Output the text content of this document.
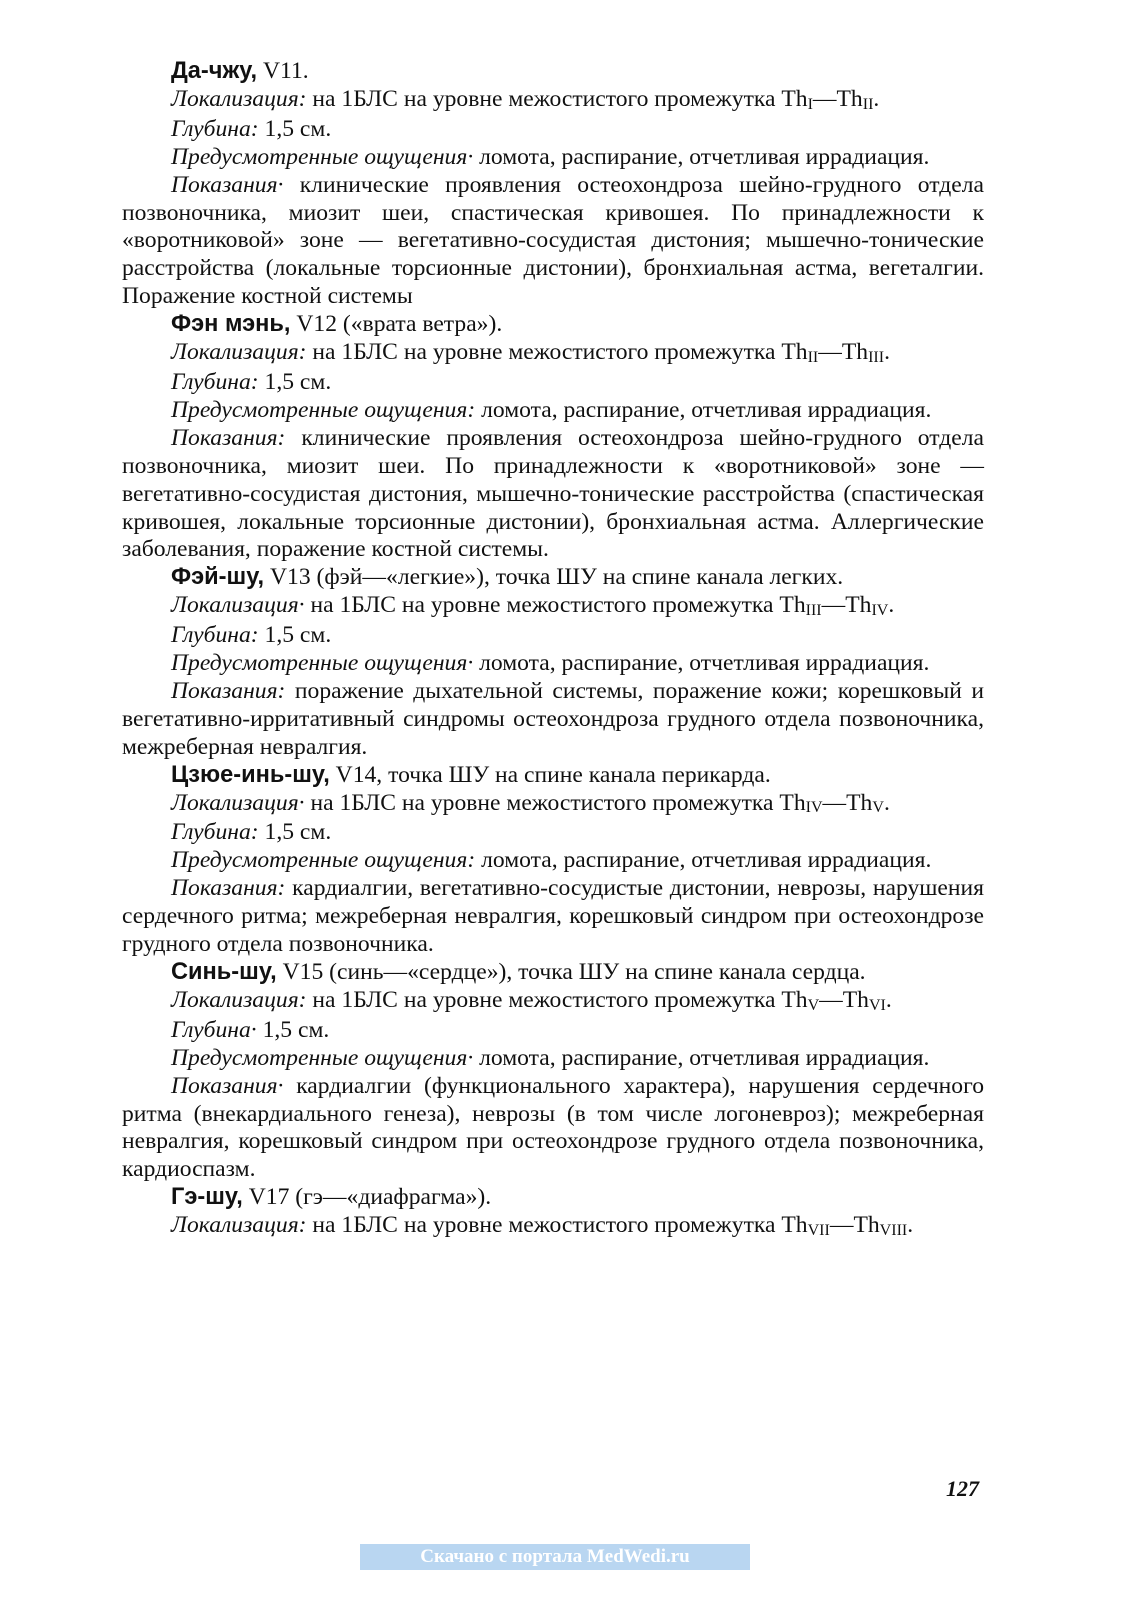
Да-чжу, V11.

Локализация: на 1БЛС на уровне межостистого промежутка $Th_I—Th_{II}$.

Глубина: 1,5 см.

Предусмотренные ощущения· ломота, распирание, отчетливая иррадиация.

Показания· клинические проявления остеохондроза шейно-грудного отдела позвоночника, миозит шеи, спастическая кривошея. По принадлежности к «воротниковой» зоне — вегетативно-сосудистая дистония; мышечно-тонические расстройства (локальные торсионные дистонии), бронхиальная астма, вегеталгии. Поражение костной системы

Фэн мэнь, V12 («врата ветра»).

Локализация: на 1БЛС на уровне межостистого промежутка $Th_{II}—Th_{III}$.

Глубина: 1,5 см.

Предусмотренные ощущения: ломота, распирание, отчетливая иррадиация.

Показания: клинические проявления остеохондроза шейно-грудного отдела позвоночника, миозит шеи. По принадлежности к «воротниковой» зоне — вегетативно-сосудистая дистония, мышечно-тонические расстройства (спастическая кривошея, локальные торсионные дистонии), бронхиальная астма. Аллергические заболевания, поражение костной системы.

Фэй-шу, V13 (фэй—«легкие»), точка ШУ на спине канала легких.

Локализация· на 1БЛС на уровне межостистого промежутка $Th_{III}—Th_{IV}$.

Глубина: 1,5 см.

Предусмотренные ощущения· ломота, распирание, отчетливая иррадиация.

Показания: поражение дыхательной системы, поражение кожи; корешковый и вегетативно-ирритативный синдромы остеохондроза грудного отдела позвоночника, межреберная невралгия.

Цзюе-инь-шу, V14, точка ШУ на спине канала перикарда.

Локализация· на 1БЛС на уровне межостистого промежутка $Th_{IV}—Th_V$.

Глубина: 1,5 см.

Предусмотренные ощущения: ломота, распирание, отчетливая иррадиация.

Показания: кардиалгии, вегетативно-сосудистые дистонии, неврозы, нарушения сердечного ритма; межреберная невралгия, корешковый синдром при остеохондрозе грудного отдела позвоночника.

Синь-шу, V15 (синь—«сердце»), точка ШУ на спине канала сердца.

Локализация: на 1БЛС на уровне межостистого промежутка $Th_V—Th_{VI}$.

Глубина· 1,5 см.

Предусмотренные ощущения· ломота, распирание, отчетливая иррадиация.

Показания· кардиалгии (функционального характера), нарушения сердечного ритма (внекардиального генеза), неврозы (в том числе логоневроз); межреберная невралгия, корешковый синдром при остеохондрозе грудного отдела позвоночника, кардиоспазм.

Гэ-шу, V17 (гэ—«диафрагма»).

Локализация: на 1БЛС на уровне межостистого промежутка $Th_{VII}—Th_{VIII}$.

127
Скачано с портала MedWedi.ru
